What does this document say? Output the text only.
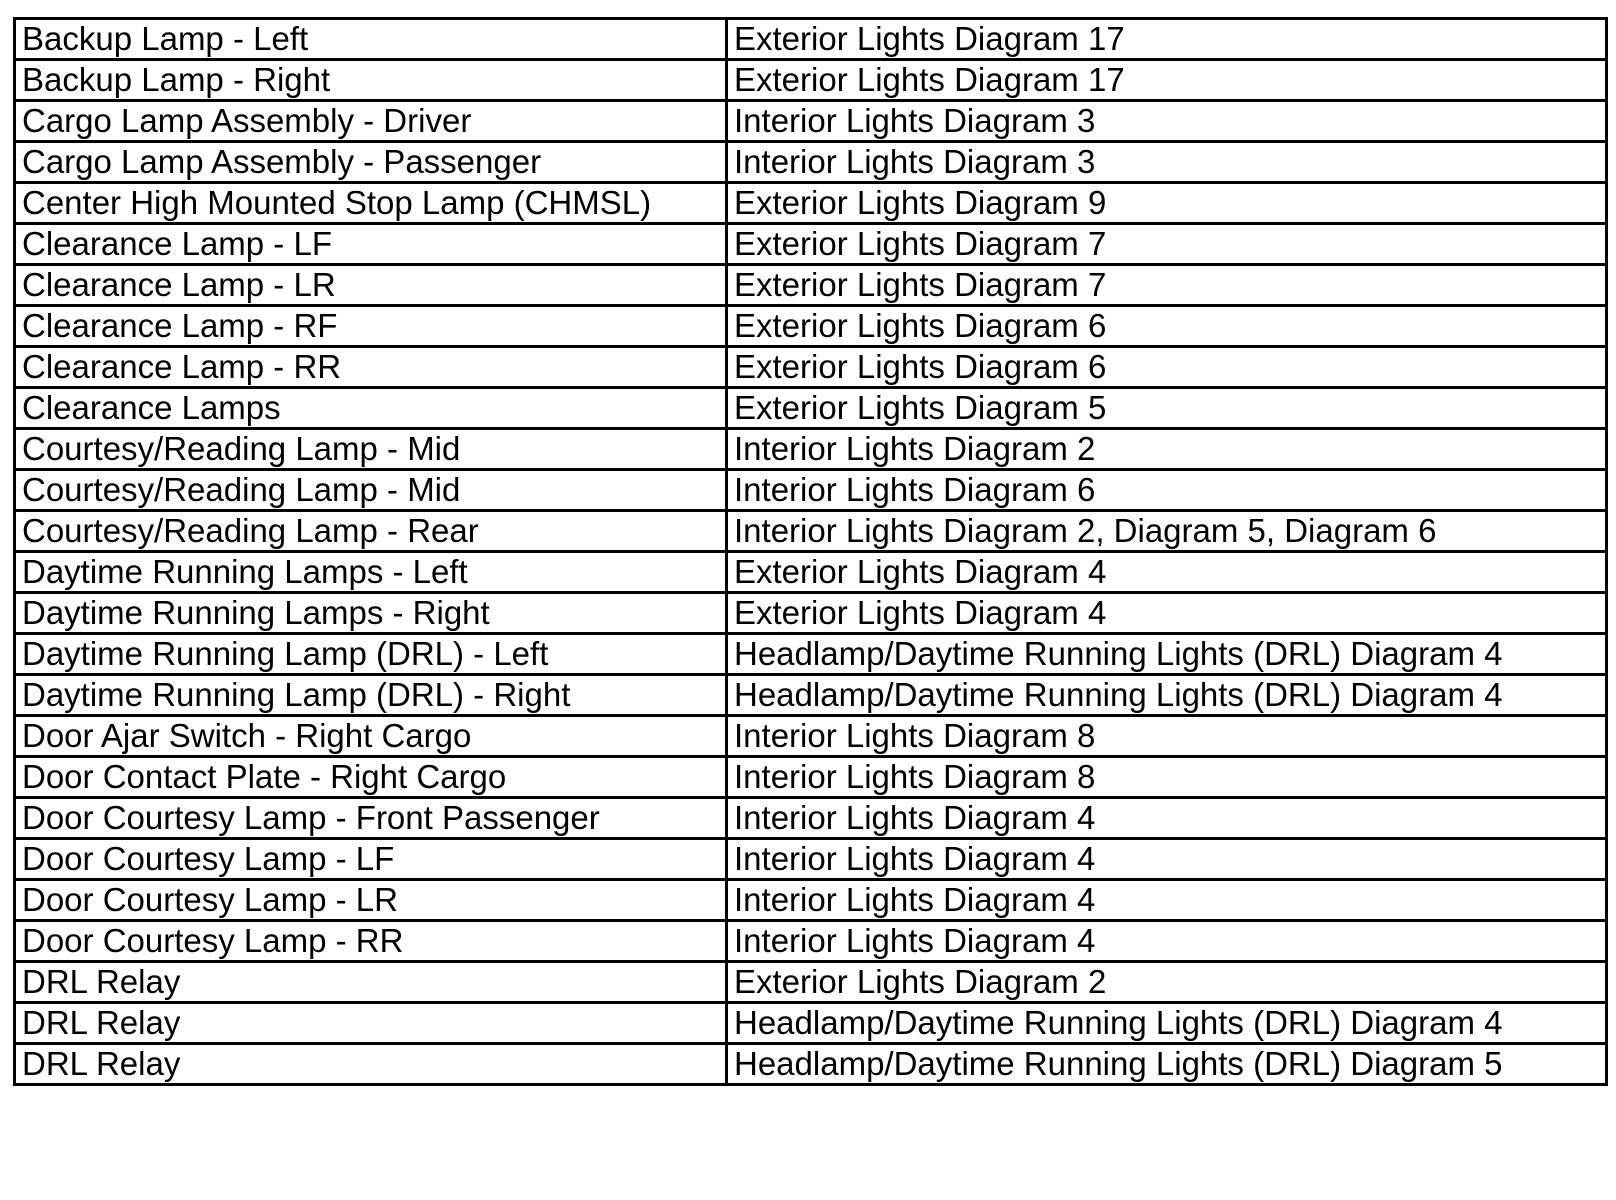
Backup Lamp - Left	Exterior Lights Diagram 17
Backup Lamp - Right	Exterior Lights Diagram 17
Cargo Lamp Assembly - Driver	Interior Lights Diagram 3
Cargo Lamp Assembly - Passenger	Interior Lights Diagram 3
Center High Mounted Stop Lamp (CHMSL)	Exterior Lights Diagram 9
Clearance Lamp - LF	Exterior Lights Diagram 7
Clearance Lamp - LR	Exterior Lights Diagram 7
Clearance Lamp - RF	Exterior Lights Diagram 6
Clearance Lamp - RR	Exterior Lights Diagram 6
Clearance Lamps	Exterior Lights Diagram 5
Courtesy/Reading Lamp - Mid	Interior Lights Diagram 2
Courtesy/Reading Lamp - Mid	Interior Lights Diagram 6
Courtesy/Reading Lamp - Rear	Interior Lights Diagram 2, Diagram 5, Diagram 6
Daytime Running Lamps - Left	Exterior Lights Diagram 4
Daytime Running Lamps - Right	Exterior Lights Diagram 4
Daytime Running Lamp (DRL) - Left	Headlamp/Daytime Running Lights (DRL) Diagram 4
Daytime Running Lamp (DRL) - Right	Headlamp/Daytime Running Lights (DRL) Diagram 4
Door Ajar Switch - Right Cargo	Interior Lights Diagram 8
Door Contact Plate - Right Cargo	Interior Lights Diagram 8
Door Courtesy Lamp - Front Passenger	Interior Lights Diagram 4
Door Courtesy Lamp - LF	Interior Lights Diagram 4
Door Courtesy Lamp - LR	Interior Lights Diagram 4
Door Courtesy Lamp - RR	Interior Lights Diagram 4
DRL Relay	Exterior Lights Diagram 2
DRL Relay	Headlamp/Daytime Running Lights (DRL) Diagram 4
DRL Relay	Headlamp/Daytime Running Lights (DRL) Diagram 5
